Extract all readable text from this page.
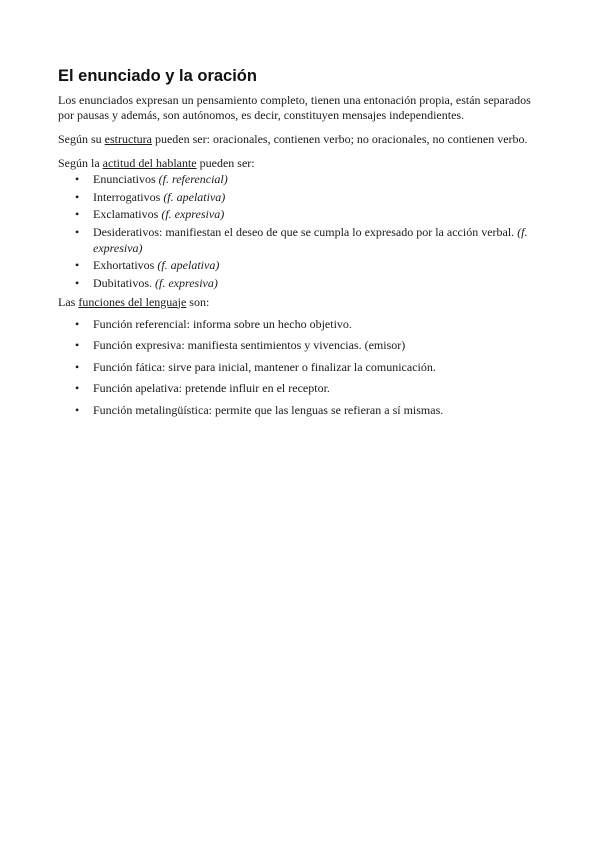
El enunciado y la oración

Los enunciados expresan un pensamiento completo, tienen una entonación propia, están separados por pausas y además, son autónomos, es decir, constituyen mensajes independientes.

Según su estructura pueden ser: oracionales, contienen verbo; no oracionales, no contienen verbo.

Según la actitud del hablante pueden ser:

• Enunciativos (f. referencial)
• Interrogativos (f. apelativa)
• Exclamativos (f. expresiva)
• Desiderativos: manifiestan el deseo de que se cumpla lo expresado por la acción verbal. (f. expresiva)
• Exhortativos (f. apelativa)
• Dubitativos. (f. expresiva)

Las funciones del lenguaje son:

• Función referencial: informa sobre un hecho objetivo.
• Función expresiva: manifiesta sentimientos y vivencias. (emisor)
• Función fática: sirve para inicial, mantener o finalizar la comunicación.
• Función apelativa: pretende influir en el receptor.
• Función metalingüística: permite que las lenguas se refieran a sí mismas.
